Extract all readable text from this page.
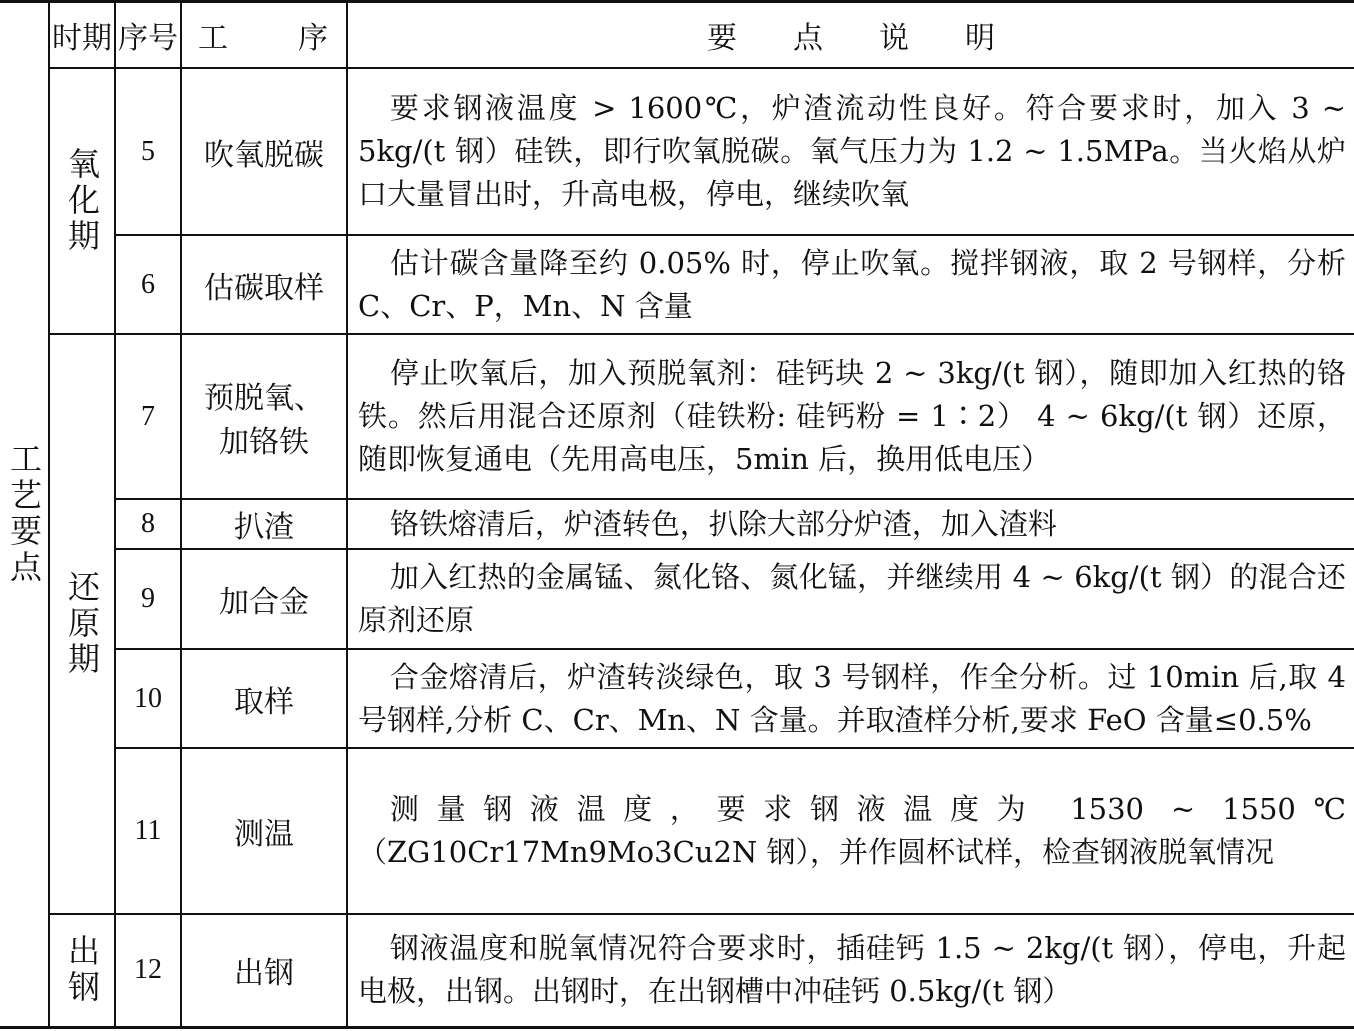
工艺要点	时期	序号	工 序	要点说明

	氧化期	5	吹氧脱碳	要求钢液温度 > 1600℃，炉渣流动性良好。符合要求时，加入 3 ~ 5kg/(t 钢）硅铁，即行吹氧脱碳。氧气压力为 1.2 ~ 1.5MPa。当火焰从炉口大量冒出时，升高电极，停电，继续吹氧

		6	估碳取样	估计碳含量降至约 0.05% 时，停止吹氧。搅拌钢液，取 2 号钢样，分析 C、Cr、P，Mn、N 含量

	还原期	7	预脱氧、加铬铁	停止吹氧后，加入预脱氧剂：硅钙块 2 ~ 3kg/(t 钢），随即加入红热的铬铁。然后用混合还原剂（硅铁粉: 硅钙粉 = 1∶2） 4 ~ 6kg/(t 钢）还原，随即恢复通电（先用高电压，5min 后，换用低电压）

		8	扒渣	铬铁熔清后，炉渣转色，扒除大部分炉渣，加入渣料

		9	加合金	加入红热的金属锰、氮化铬、氮化锰，并继续用 4 ~ 6kg/(t 钢）的混合还原剂还原

		10	取样	合金熔清后，炉渣转淡绿色，取 3 号钢样，作全分析。过 10min 后,取 4 号钢样,分析 C、Cr、Mn、N 含量。并取渣样分析,要求 FeO 含量≤0.5%

		11	测温	测量钢液温度，要求钢液温度为 1530 ~ 1550℃（ZG10Cr17Mn9Mo3Cu2N 钢），并作圆杯试样，检查钢液脱氧情况

	出钢	12	出钢	钢液温度和脱氧情况符合要求时，插硅钙 1.5 ~ 2kg/(t 钢），停电，升起电极，出钢。出钢时，在出钢槽中冲硅钙 0.5kg/(t 钢）
